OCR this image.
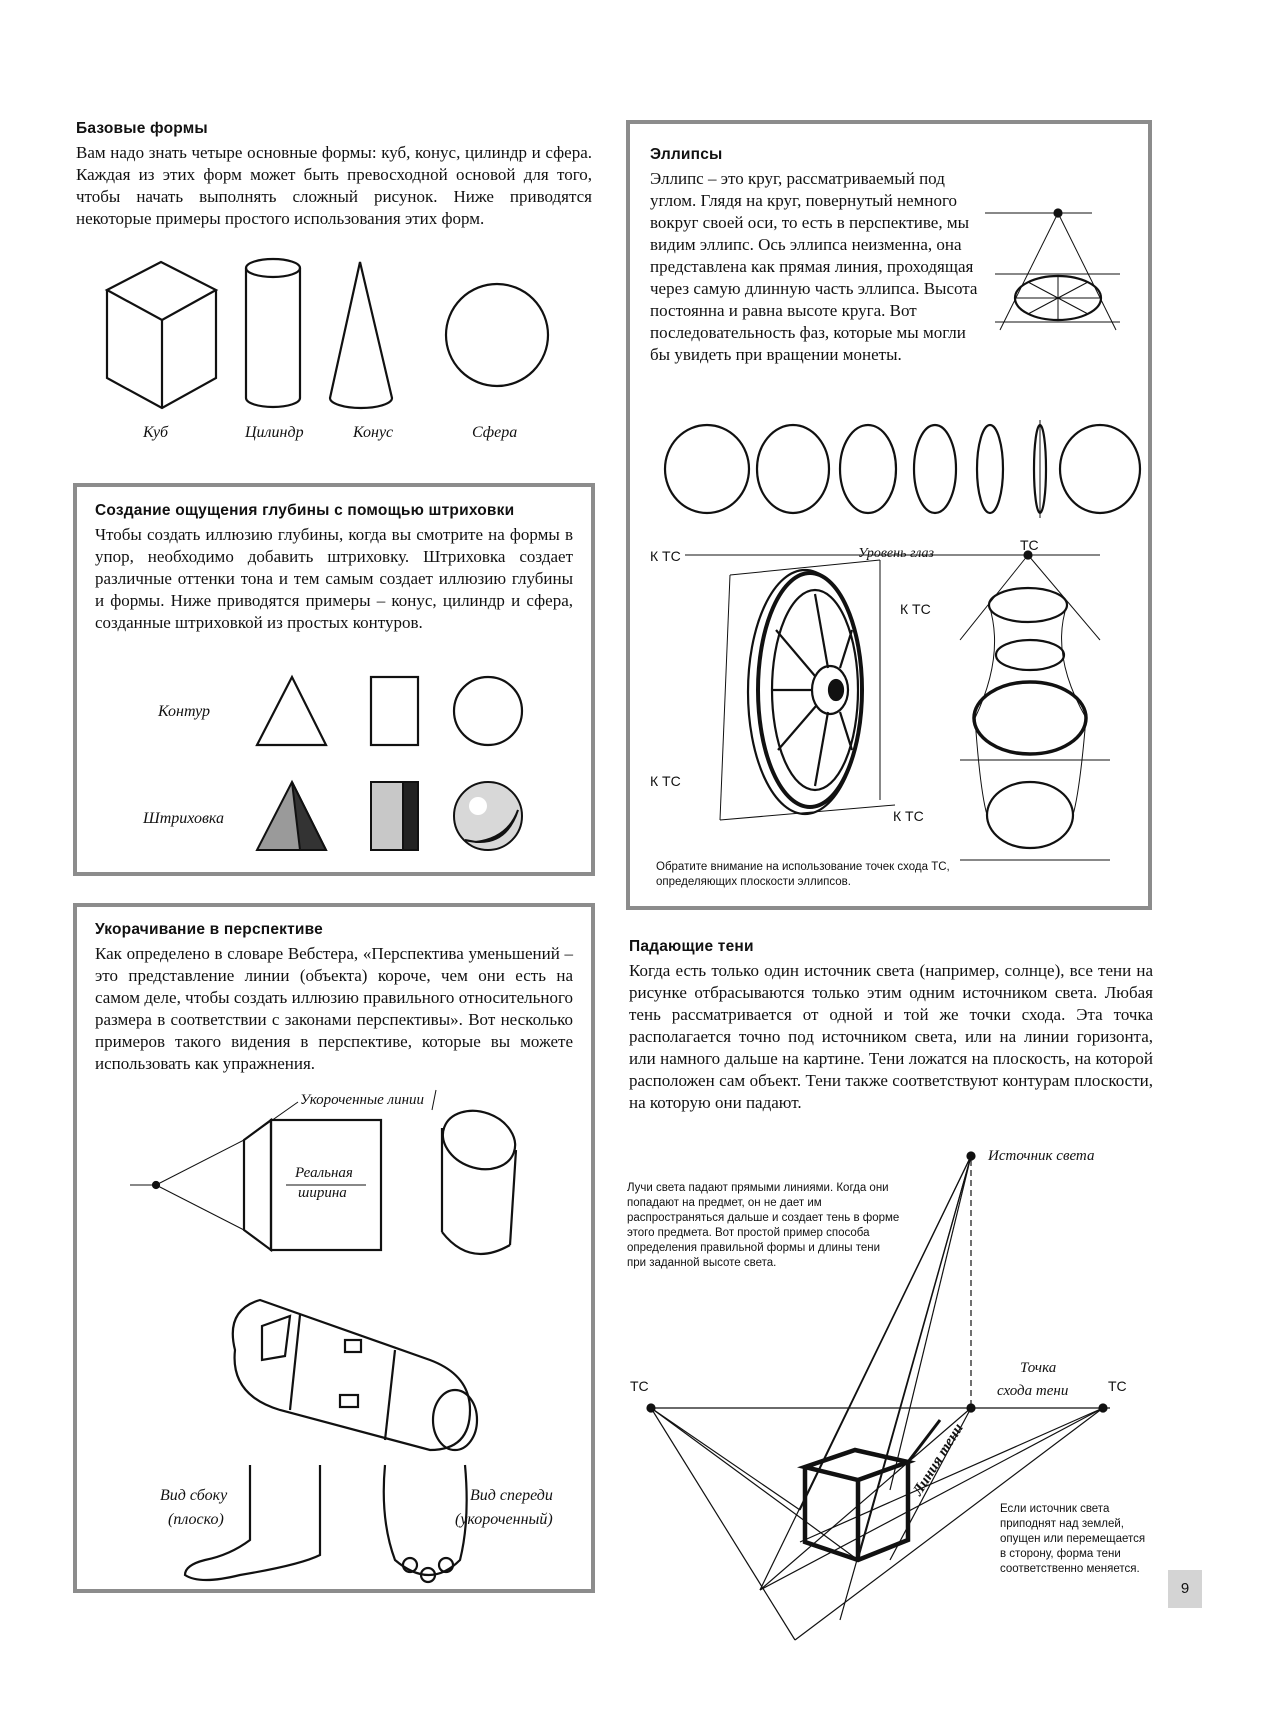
Базовые формы

Вам надо знать четыре основные формы: куб, конус, цилиндр и сфера. Каждая из этих форм может быть превосходной основой для того, чтобы начать выполнять сложный рисунок. Ниже приводятся некоторые примеры простого использования этих форм.

Куб	Цилиндр	Конус	Сфера
Эллипсы

Эллипс – это круг, рассматриваемый под углом. Глядя на круг, повернутый немного вокруг своей оси, то есть в перспективе, мы видим эллипс. Ось эллипса неизменна, она представлена как прямая линия, проходящая через самую длинную часть эллипса. Высота постоянна и равна высоте круга. Вот последовательность фаз, которые мы могли бы увидеть при вращении монеты.

Обратите внимание на использование точек схода ТС, определяющих плоскости эллипсов.
К ТС	Уровень глаз
ТС
К ТС
К ТС
К ТС
Создание ощущения глубины с помощью штриховки

Чтобы создать иллюзию глубины, когда вы смотрите на формы в упор, необходимо добавить штриховку. Штриховка создает различные оттенки тона и тем самым создает иллюзию глубины и формы. Ниже приводятся примеры – конус, цилиндр и сфера, созданные штриховкой из простых контуров.

Контур
Штриховка
Укорачивание в перспективе

Как определено в словаре Вебстера, «Перспектива уменьшений – это представление линии (объекта) короче, чем они есть на самом деле, чтобы создать иллюзию правильного относительного размера в соответствии с законами перспективы». Вот несколько примеров такого видения в перспективе, которые вы можете использовать как упражнения.

Укороченные линии
Реальная
ширина
Вид сбоку
(плоско)
Вид спереди
(укороченный)
Падающие тени

Когда есть только один источник света (например, солнце), все тени на рисунке отбрасываются только этим одним источником света. Любая тень рассматривается от одной и той же точки схода. Эта точка располагается точно под источником света, или на линии горизонта, или намного дальше на картине. Тени ложатся на плоскость, на которой расположен сам объект. Тени также соответствуют контурам плоскости, на которую они падают.

Лучи света падают прямыми линиями. Когда они попадают на предмет, он не дает им распространяться дальше и создает тень в форме этого предмета. Вот простой пример способа определения правильной формы и длины тени при заданной высоте света.
Если источник света приподнят над землей, опущен или перемещается в сторону, форма тени соответственно меняется.
Источник света
Точка
схода тени
ТС	ТС
Линия тени
9
